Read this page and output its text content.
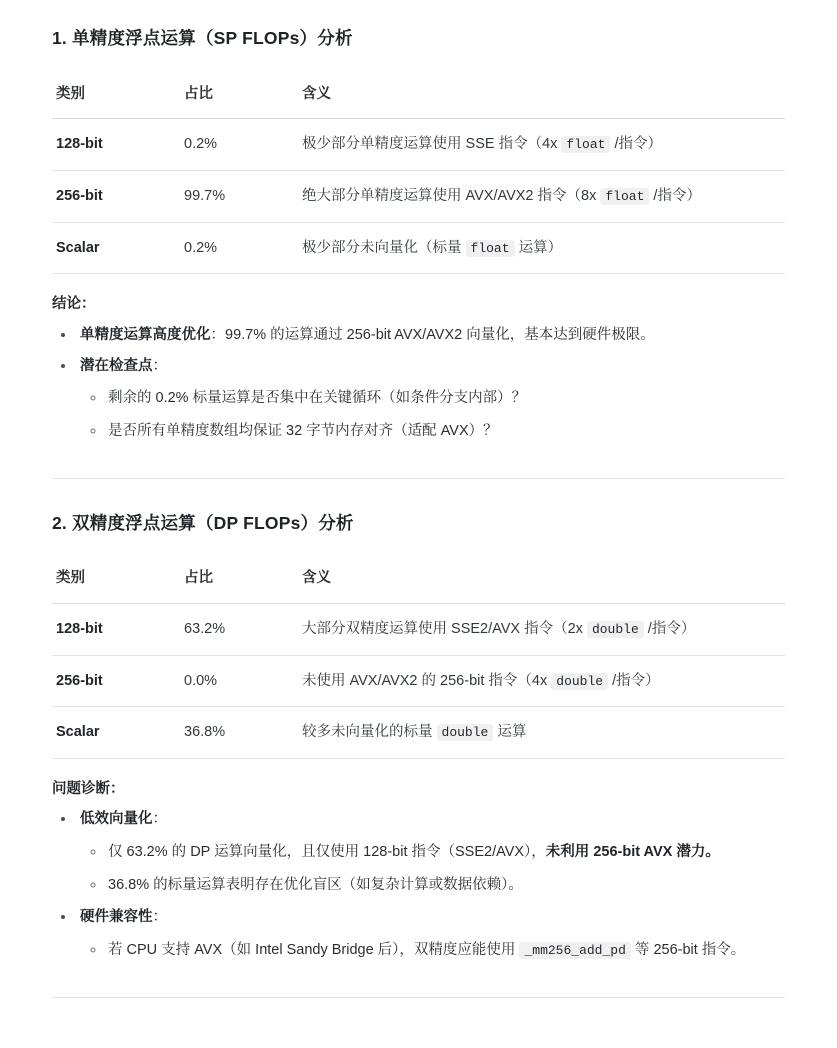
1. 单精度浮点运算（SP FLOPs）分析
类别	占比	含义
128-bit	0.2%	极少部分单精度运算使用 SSE 指令（4x float /指令）
256-bit	99.7%	绝大部分单精度运算使用 AVX/AVX2 指令（8x float /指令）
Scalar	0.2%	极少部分未向量化（标量 float 运算）
结论：
• 单精度运算高度优化：99.7% 的运算通过 256-bit AVX/AVX2 向量化，基本达到硬件极限。
• 潜在检查点：
◦ 剩余的 0.2% 标量运算是否集中在关键循环（如条件分支内部）？
◦ 是否所有单精度数组均保证 32 字节内存对齐（适配 AVX）？
2. 双精度浮点运算（DP FLOPs）分析
类别	占比	含义
128-bit	63.2%	大部分双精度运算使用 SSE2/AVX 指令（2x double /指令）
256-bit	0.0%	未使用 AVX/AVX2 的 256-bit 指令（4x double /指令）
Scalar	36.8%	较多未向量化的标量 double 运算
问题诊断：
• 低效向量化：
◦ 仅 63.2% 的 DP 运算向量化，且仅使用 128-bit 指令（SSE2/AVX），未利用 256-bit AVX 潜力。
◦ 36.8% 的标量运算表明存在优化盲区（如复杂计算或数据依赖）。
• 硬件兼容性：
◦ 若 CPU 支持 AVX（如 Intel Sandy Bridge 后），双精度应能使用 _mm256_add_pd 等 256-bit 指令。
